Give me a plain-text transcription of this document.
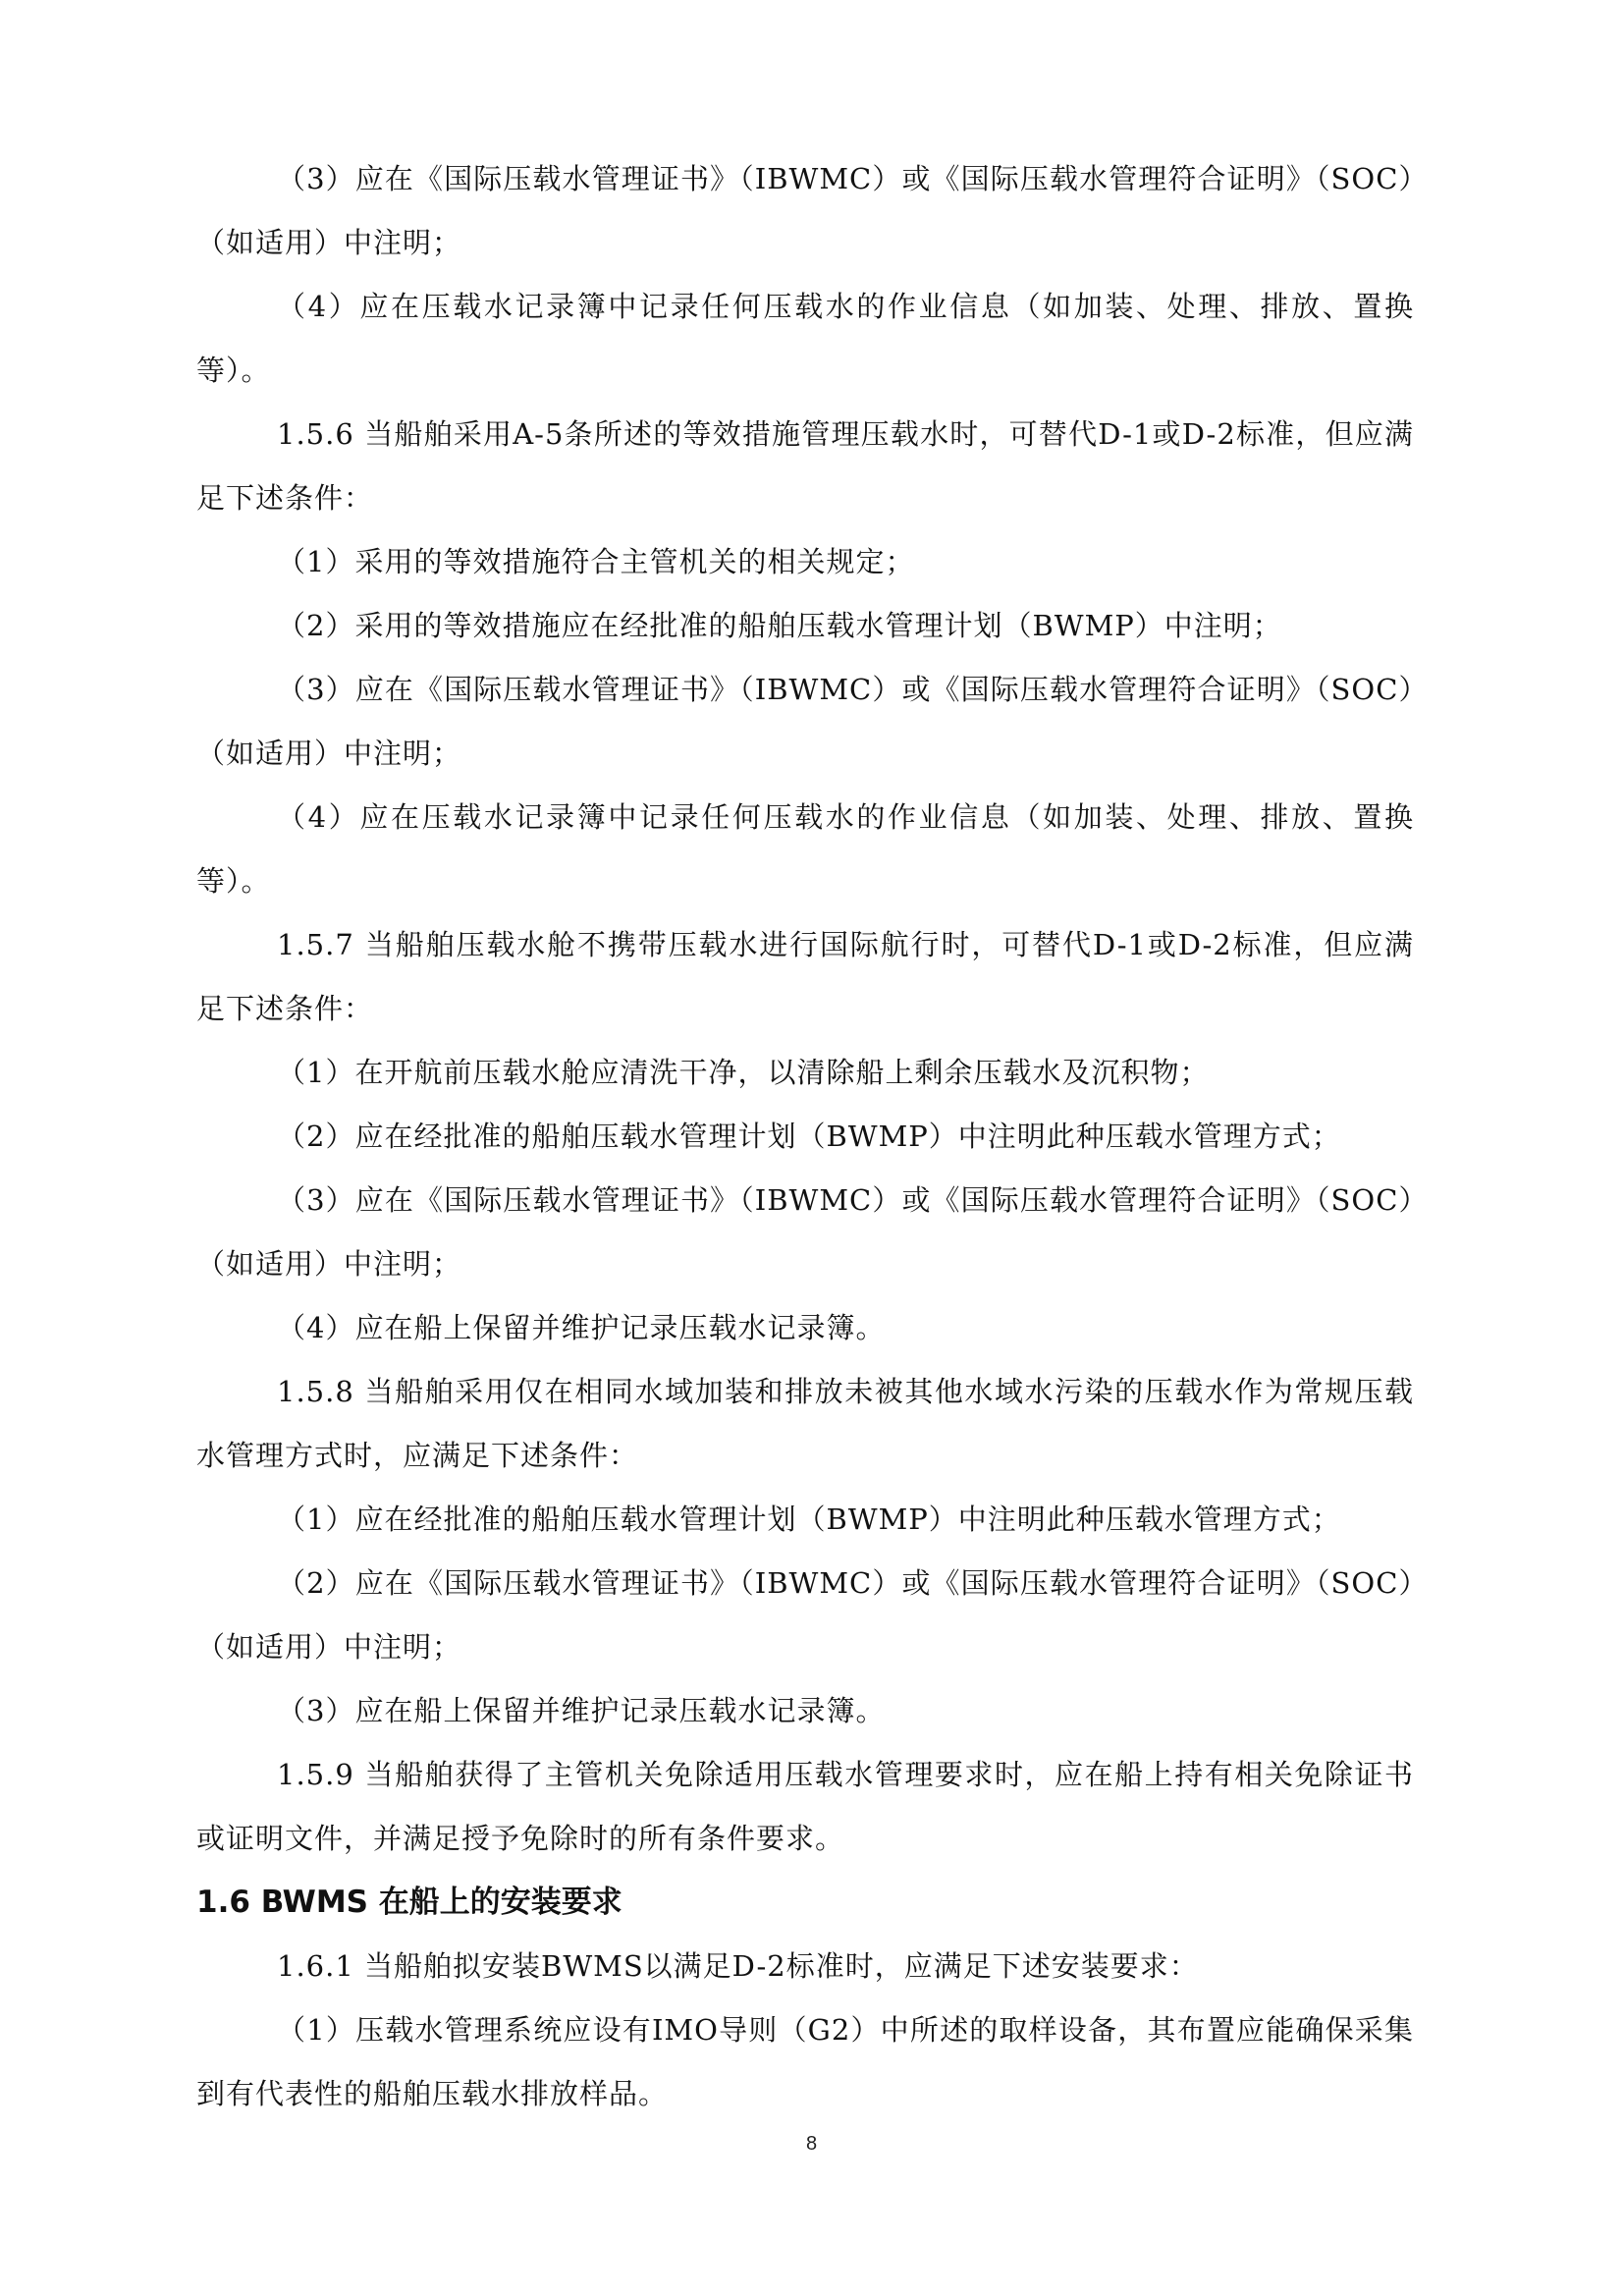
（3）应在《国际压载水管理证书》（IBWMC）或《国际压载水管理符合证明》（SOC）（如适用）中注明；

（4）应在压载水记录簿中记录任何压载水的作业信息（如加装、处理、排放、置换等）。

1.5.6 当船舶采用A-5条所述的等效措施管理压载水时，可替代D-1或D-2标准，但应满足下述条件：

（1）采用的等效措施符合主管机关的相关规定；

（2）采用的等效措施应在经批准的船舶压载水管理计划（BWMP）中注明；

（3）应在《国际压载水管理证书》（IBWMC）或《国际压载水管理符合证明》（SOC）（如适用）中注明；

（4）应在压载水记录簿中记录任何压载水的作业信息（如加装、处理、排放、置换等）。

1.5.7 当船舶压载水舱不携带压载水进行国际航行时，可替代D-1或D-2标准，但应满足下述条件：

（1）在开航前压载水舱应清洗干净，以清除船上剩余压载水及沉积物；

（2）应在经批准的船舶压载水管理计划（BWMP）中注明此种压载水管理方式；

（3）应在《国际压载水管理证书》（IBWMC）或《国际压载水管理符合证明》（SOC）（如适用）中注明；

（4）应在船上保留并维护记录压载水记录簿。

1.5.8 当船舶采用仅在相同水域加装和排放未被其他水域水污染的压载水作为常规压载水管理方式时，应满足下述条件：

（1）应在经批准的船舶压载水管理计划（BWMP）中注明此种压载水管理方式；

（2）应在《国际压载水管理证书》（IBWMC）或《国际压载水管理符合证明》（SOC）（如适用）中注明；

（3）应在船上保留并维护记录压载水记录簿。

1.5.9 当船舶获得了主管机关免除适用压载水管理要求时，应在船上持有相关免除证书或证明文件，并满足授予免除时的所有条件要求。

1.6 BWMS 在船上的安装要求

1.6.1 当船舶拟安装BWMS以满足D-2标准时，应满足下述安装要求：

（1）压载水管理系统应设有IMO导则（G2）中所述的取样设备，其布置应能确保采集到有代表性的船舶压载水排放样品。

8
